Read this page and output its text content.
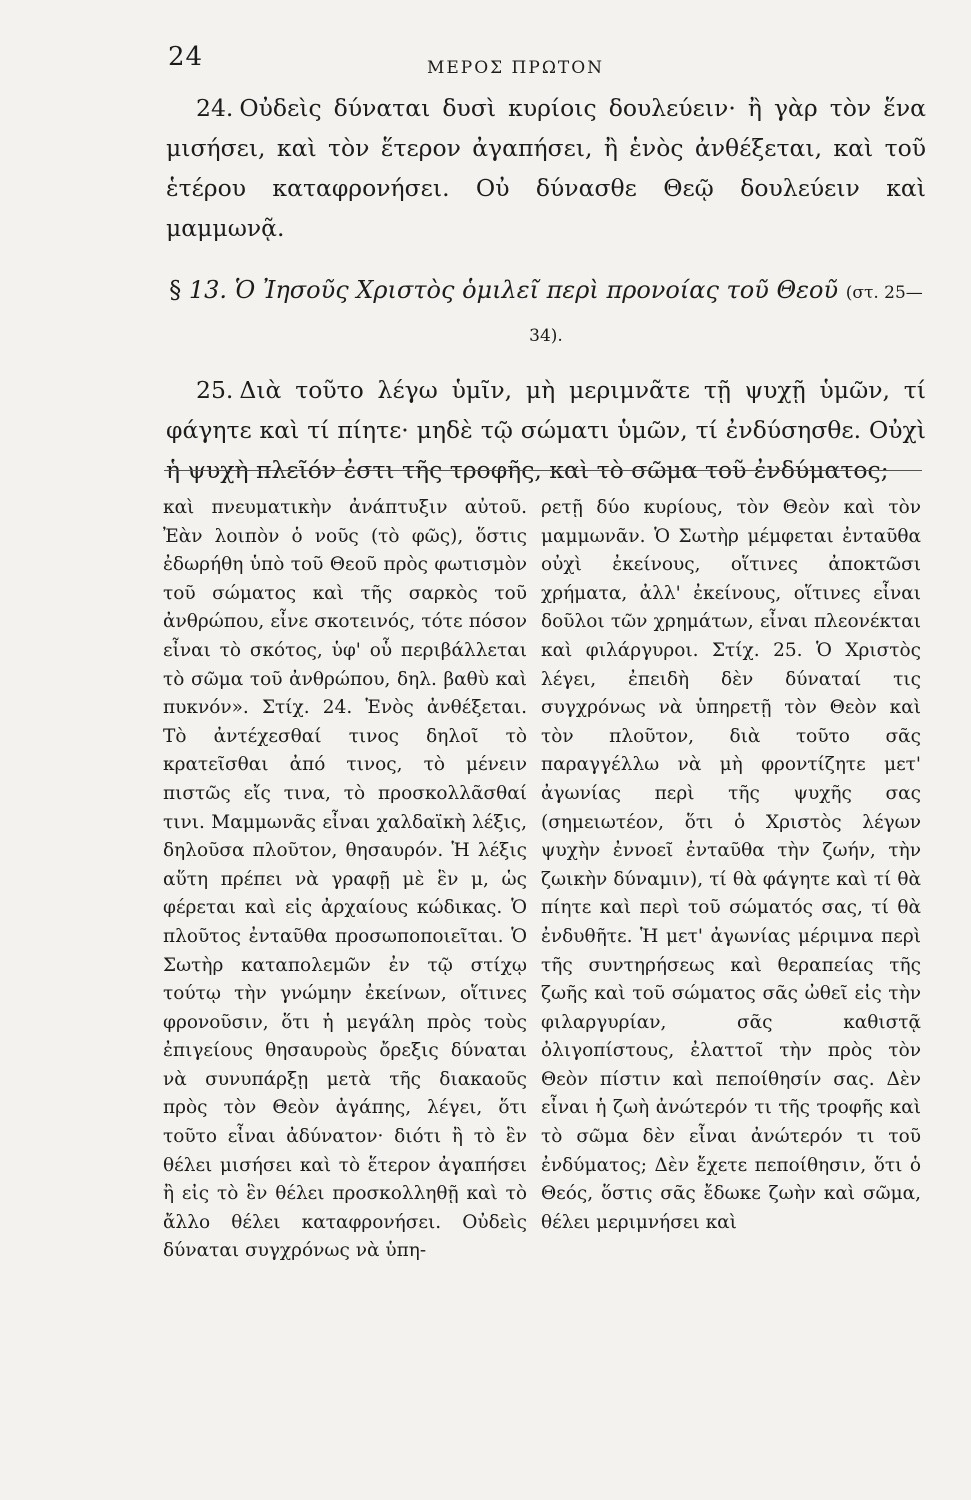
24	ΜΕΡΟΣ ΠΡΩΤΟΝ

24. Οὐδεὶς δύναται δυσὶ κυρίοις δουλεύειν· ἢ γὰρ τὸν ἕνα μισήσει, καὶ τὸν ἕτερον ἀγαπήσει, ἢ ἑνὸς ἀνθέξεται, καὶ τοῦ ἑτέρου καταφρονήσει. Οὐ δύνασθε Θεῷ δουλεύειν καὶ μαμμωνᾷ.

§ 13. Ὁ Ἰησοῦς Χριστὸς ὁμιλεῖ περὶ προνοίας τοῦ Θεοῦ (στ. 25—34).

25. Διὰ τοῦτο λέγω ὑμῖν, μὴ μεριμνᾶτε τῇ ψυχῇ ὑμῶν, τί φάγητε καὶ τί πίητε· μηδὲ τῷ σώματι ὑμῶν, τί ἐνδύσησθε. Οὐχὶ ἡ ψυχὴ πλεῖόν ἐστι τῆς τροφῆς, καὶ τὸ σῶμα τοῦ ἐνδύματος;

καὶ πνευματικὴν ἀνάπτυξιν αὐτοῦ. Ἐὰν λοιπὸν ὁ νοῦς (τὸ φῶς), ὅστις ἐδωρήθη ὑπὸ τοῦ Θεοῦ πρὸς φωτισμὸν τοῦ σώματος καὶ τῆς σαρκὸς τοῦ ἀνθρώπου, εἶνε σκοτεινός, τότε πόσον εἶναι τὸ σκότος, ὑφ' οὗ περιβάλλεται τὸ σῶμα τοῦ ἀνθρώπου, δηλ. βαθὺ καὶ πυκνόν». Στίχ. 24. Ἑνὸς ἀνθέξεται. Τὸ ἀντέχεσθαί τινος δηλοῖ τὸ κρατεῖσθαι ἀπό τινος, τὸ μένειν πιστῶς εἴς τινα, τὸ προσκολλᾶσθαί τινι. Μαμμωνᾶς εἶναι χαλδαϊκὴ λέξις, δηλοῦσα πλοῦτον, θησαυρόν. Ἡ λέξις αὕτη πρέπει νὰ γραφῇ μὲ ἓν μ, ὡς φέρεται καὶ εἰς ἀρχαίους κώδικας. Ὁ πλοῦτος ἐνταῦθα προσωποποιεῖται. Ὁ Σωτὴρ καταπολεμῶν ἐν τῷ στίχῳ τούτῳ τὴν γνώμην ἐκείνων, οἵτινες φρονοῦσιν, ὅτι ἡ μεγάλη πρὸς τοὺς ἐπιγείους θησαυροὺς ὄρεξις δύναται νὰ συνυπάρξῃ μετὰ τῆς διακαοῦς πρὸς τὸν Θεὸν ἀγάπης, λέγει, ὅτι τοῦτο εἶναι ἀδύνατον· διότι ἢ τὸ ἓν θέλει μισήσει καὶ τὸ ἕτερον ἀγαπήσει ἢ εἰς τὸ ἓν θέλει προσκολληθῇ καὶ τὸ ἄλλο θέλει καταφρονήσει. Οὐδεὶς δύναται συγχρόνως νὰ ὑπη-

ρετῇ δύο κυρίους, τὸν Θεὸν καὶ τὸν μαμμωνᾶν. Ὁ Σωτὴρ μέμφεται ἐνταῦθα οὐχὶ ἐκείνους, οἵτινες ἀποκτῶσι χρήματα, ἀλλ' ἐκείνους, οἵτινες εἶναι δοῦλοι τῶν χρημάτων, εἶναι πλεονέκται καὶ φιλάργυροι. Στίχ. 25. Ὁ Χριστὸς λέγει, ἐπειδὴ δὲν δύναταί τις συγχρόνως νὰ ὑπηρετῇ τὸν Θεὸν καὶ τὸν πλοῦτον, διὰ τοῦτο σᾶς παραγγέλλω νὰ μὴ φροντίζητε μετ' ἀγωνίας περὶ τῆς ψυχῆς σας (σημειωτέον, ὅτι ὁ Χριστὸς λέγων ψυχὴν ἐννοεῖ ἐνταῦθα τὴν ζωήν, τὴν ζωικὴν δύναμιν), τί θὰ φάγητε καὶ τί θὰ πίητε καὶ περὶ τοῦ σώματός σας, τί θὰ ἐνδυθῆτε. Ἡ μετ' ἀγωνίας μέριμνα περὶ τῆς συντηρήσεως καὶ θεραπείας τῆς ζωῆς καὶ τοῦ σώματος σᾶς ὠθεῖ εἰς τὴν φιλαργυρίαν, σᾶς καθιστᾷ ὀλιγοπίστους, ἐλαττοῖ τὴν πρὸς τὸν Θεὸν πίστιν καὶ πεποίθησίν σας. Δὲν εἶναι ἡ ζωὴ ἀνώτερόν τι τῆς τροφῆς καὶ τὸ σῶμα δὲν εἶναι ἀνώτερόν τι τοῦ ἐνδύματος; Δὲν ἔχετε πεποίθησιν, ὅτι ὁ Θεός, ὅστις σᾶς ἔδωκε ζωὴν καὶ σῶμα, θέλει μεριμνήσει καὶ
